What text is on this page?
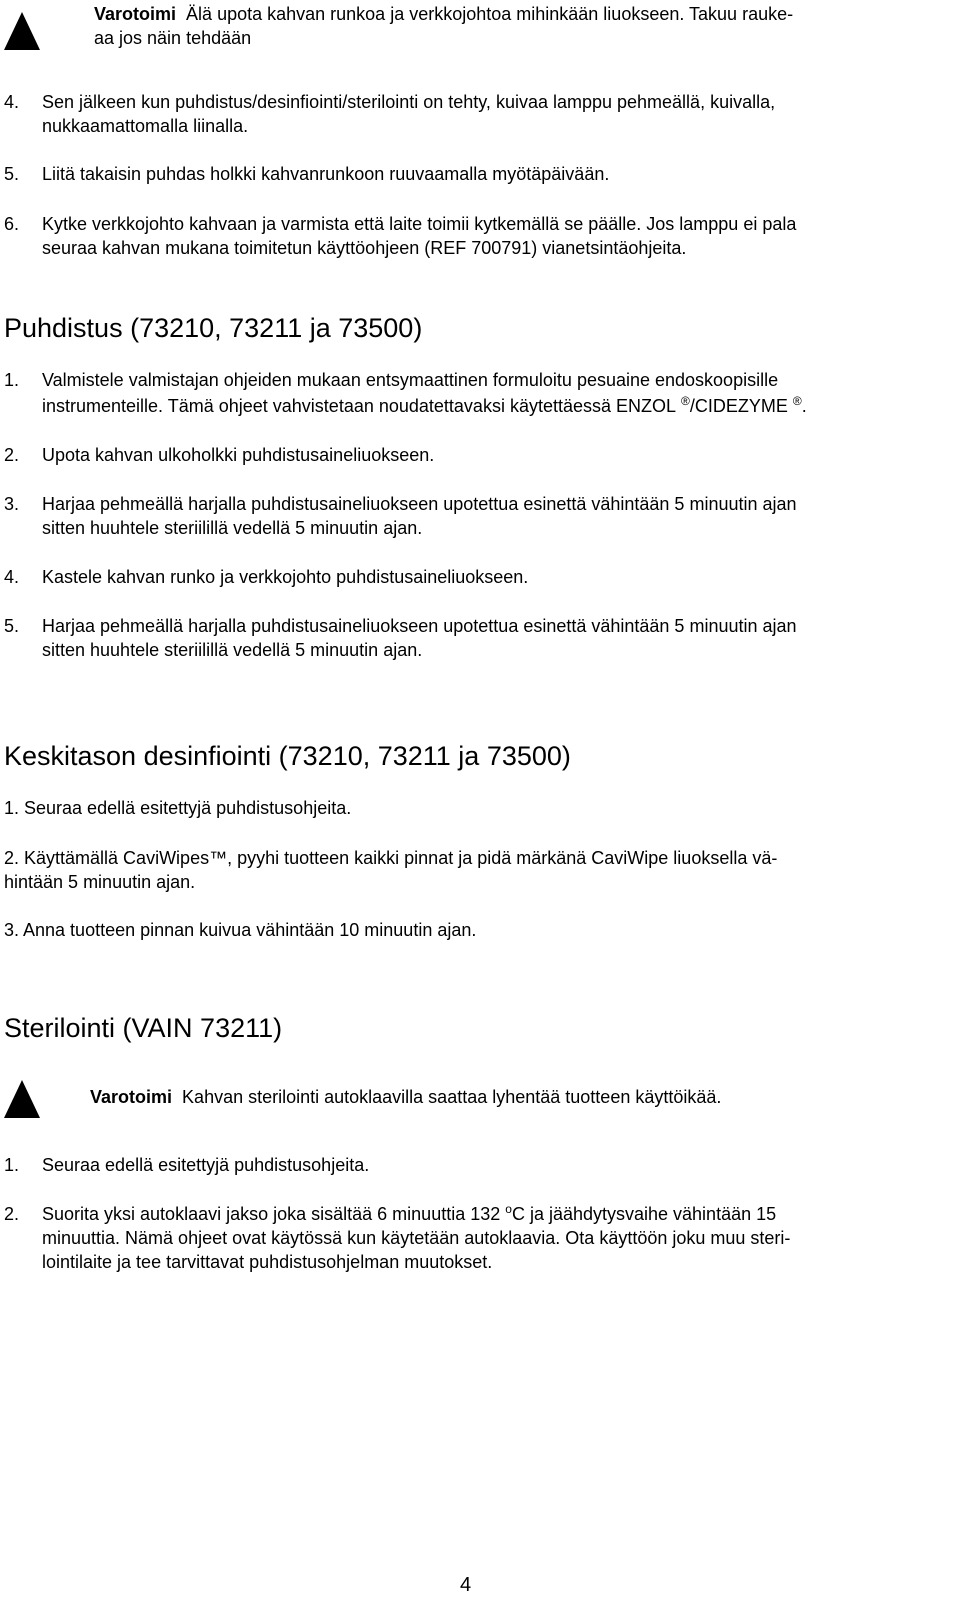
Varotoimi Älä upota kahvan runkoa ja verkkojohtoa mihinkään liuokseen. Takuu rauke-
aa jos näin tehdään
4. Sen jälkeen kun puhdistus/desinfiointi/sterilointi on tehty, kuivaa lamppu pehmeällä, kuivalla,
nukkaamattomalla liinalla.
5. Liitä takaisin puhdas holkki kahvanrunkoon ruuvaamalla myötäpäivään.
6. Kytke verkkojohto kahvaan ja varmista että laite toimii kytkemällä se päälle. Jos lamppu ei pala
seuraa kahvan mukana toimitetun käyttöohjeen (REF 700791) vianetsintäohjeita.
Puhdistus (73210, 73211 ja 73500)
1. Valmistele valmistajan ohjeiden mukaan entsymaattinen formuloitu pesuaine endoskoopisille
instrumenteille. Tämä ohjeet vahvistetaan noudatettavaksi käytettäessä ENZOL ®/CIDEZYME ®.
2. Upota kahvan ulkoholkki puhdistusaineliuokseen.
3. Harjaa pehmeällä harjalla puhdistusaineliuokseen upotettua esinettä vähintään 5 minuutin ajan
sitten huuhtele steriilillä vedellä 5 minuutin ajan.
4. Kastele kahvan runko ja verkkojohto puhdistusaineliuokseen.
5. Harjaa pehmeällä harjalla puhdistusaineliuokseen upotettua esinettä vähintään 5 minuutin ajan
sitten huuhtele steriilillä vedellä 5 minuutin ajan.
Keskitason desinfiointi (73210, 73211 ja 73500)
1. Seuraa edellä esitettyjä puhdistusohjeita.
2. Käyttämällä CaviWipes™, pyyhi tuotteen kaikki pinnat ja pidä märkänä CaviWipe liuoksella vä-
hintään 5 minuutin ajan.
3. Anna tuotteen pinnan kuivua vähintään 10 minuutin ajan.
Sterilointi (VAIN 73211)
Varotoimi Kahvan sterilointi autoklaavilla saattaa lyhentää tuotteen käyttöikää.
1. Seuraa edellä esitettyjä puhdistusohjeita.
2. Suorita yksi autoklaavi jakso joka sisältää 6 minuuttia 132 $^o$C ja jäähdytysvaihe vähintään 15
minuuttia. Nämä ohjeet ovat käytössä kun käytetään autoklaavia. Ota käyttöön joku muu steri-
lointilaite ja tee tarvittavat puhdistusohjelman muutokset.
4
